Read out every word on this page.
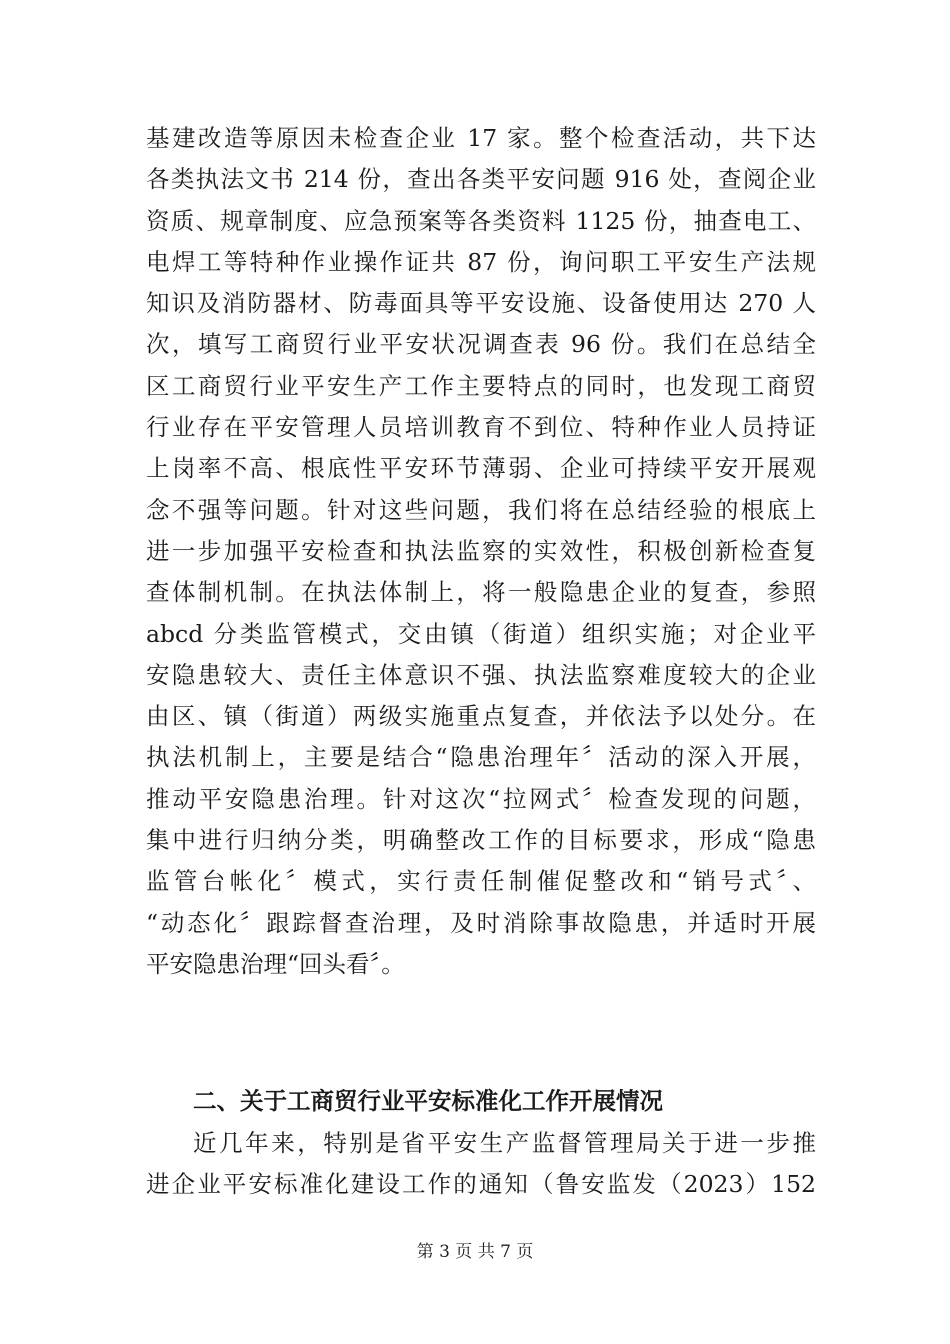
基建改造等原因未检查企业 17 家。整个检查活动，共下达
各类执法文书 214 份，查出各类平安问题 916 处，查阅企业
资质、规章制度、应急预案等各类资料 1125 份，抽查电工、
电焊工等特种作业操作证共 87 份，询问职工平安生产法规
知识及消防器材、防毒面具等平安设施、设备使用达 270 人
次，填写工商贸行业平安状况调查表 96 份。我们在总结全
区工商贸行业平安生产工作主要特点的同时，也发现工商贸
行业存在平安管理人员培训教育不到位、特种作业人员持证
上岗率不高、根底性平安环节薄弱、企业可持续平安开展观
念不强等问题。针对这些问题，我们将在总结经验的根底上
进一步加强平安检查和执法监察的实效性，积极创新检查复
查体制机制。在执法体制上，将一般隐患企业的复查，参照
abcd 分类监管模式，交由镇（街道）组织实施；对企业平
安隐患较大、责任主体意识不强、执法监察难度较大的企业
由区、镇（街道）两级实施重点复查，并依法予以处分。在
执法机制上，主要是结合“隐患治理年〞活动的深入开展，
推动平安隐患治理。针对这次“拉网式〞检查发现的问题，
集中进行归纳分类，明确整改工作的目标要求，形成“隐患
监管台帐化〞模式，实行责任制催促整改和“销号式〞、
“动态化〞跟踪督查治理，及时消除事故隐患，并适时开展
平安隐患治理“回头看〞。
二、关于工商贸行业平安标准化工作开展情况
近几年来，特别是省平安生产监督管理局关于进一步推
进企业平安标准化建设工作的通知（鲁安监发（2023）152
第 3 页 共 7 页
